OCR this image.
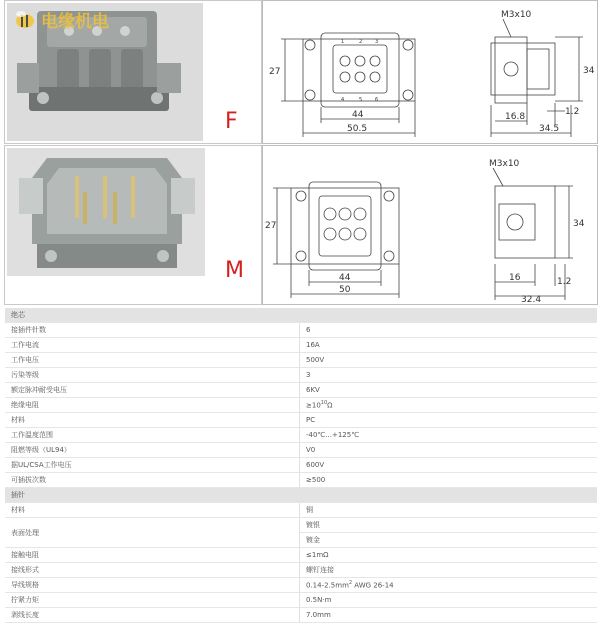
电缘机电
F
27
44
50.5
1	2	3
4	5	6
M3x10
34
1.2
16.8
34.5
M
27
44
50
M3x10
34
1.2
16
32.4
绝芯	
接插件针数	6
工作电流	16A
工作电压	500V
污染等级	3
额定脉冲耐受电压	6KV
绝缘电阻	$\ge 10^{10}\Omega$
材料	PC
工作温度范围	-40℃...+125℃
阻燃等级（UL94）	V0
据UL/CSA工作电压	600V
可插拔次数	≥500
插针	
材料	铜
表面处理	镀银
	镀金
接触电阻	≤1mΩ
接线形式	螺钉连接
导线规格	$0.14-2.5mm^2$ AWG 26-14
拧紧力矩	0.5N·m
剥线长度	7.0mm
